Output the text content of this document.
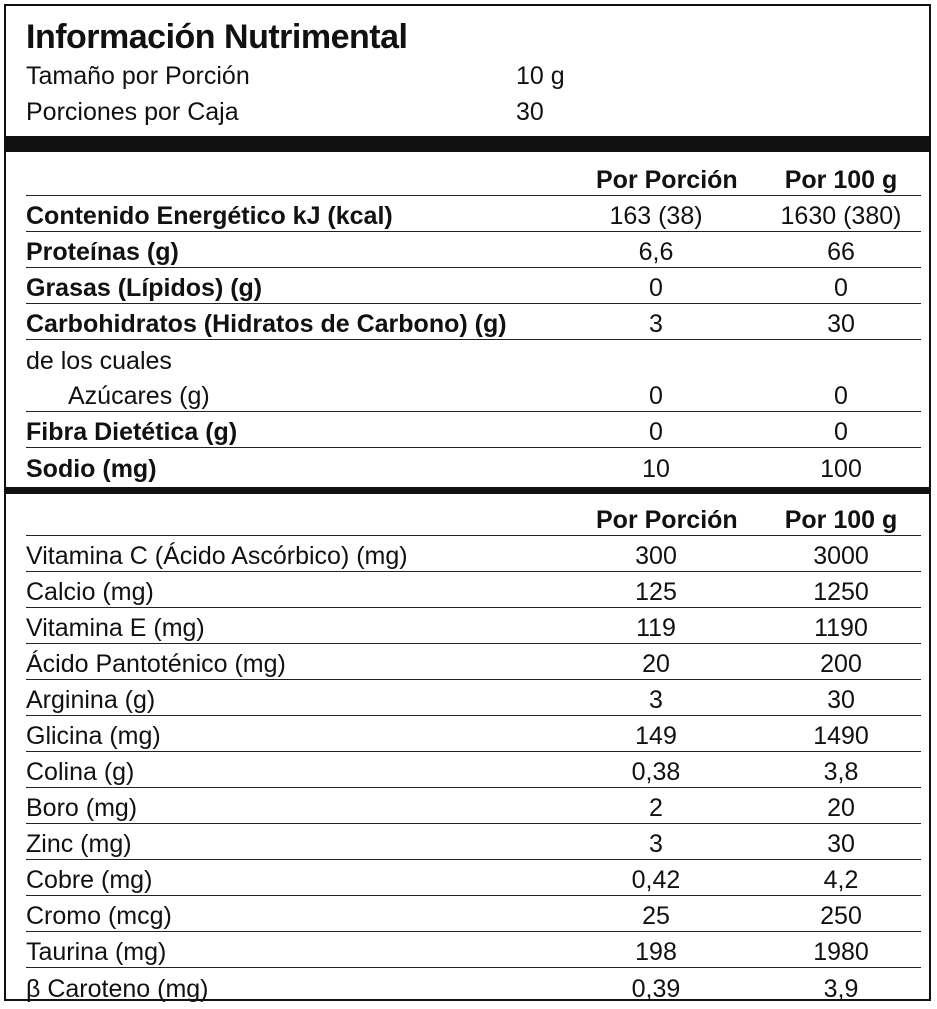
Información Nutrimental
Tamaño por Porción	10 g
Porciones por Caja	30
Por Porción	Por 100 g
Contenido Energético kJ (kcal)	163 (38)	1630 (380)
Proteínas (g)	6,6	66
Grasas (Lípidos) (g)	0	0
Carbohidratos (Hidratos de Carbono) (g)	3	30
de los cuales
Azúcares (g)	0	0
Fibra Dietética (g)	0	0
Sodio (mg)	10	100
Por Porción	Por 100 g
Vitamina C (Ácido Ascórbico) (mg)	300	3000
Calcio (mg)	125	1250
Vitamina E (mg)	119	1190
Ácido Pantoténico (mg)	20	200
Arginina (g)	3	30
Glicina (mg)	149	1490
Colina (g)	0,38	3,8
Boro (mg)	2	20
Zinc (mg)	3	30
Cobre (mg)	0,42	4,2
Cromo (mcg)	25	250
Taurina (mg)	198	1980
β Caroteno (mg)	0,39	3,9
